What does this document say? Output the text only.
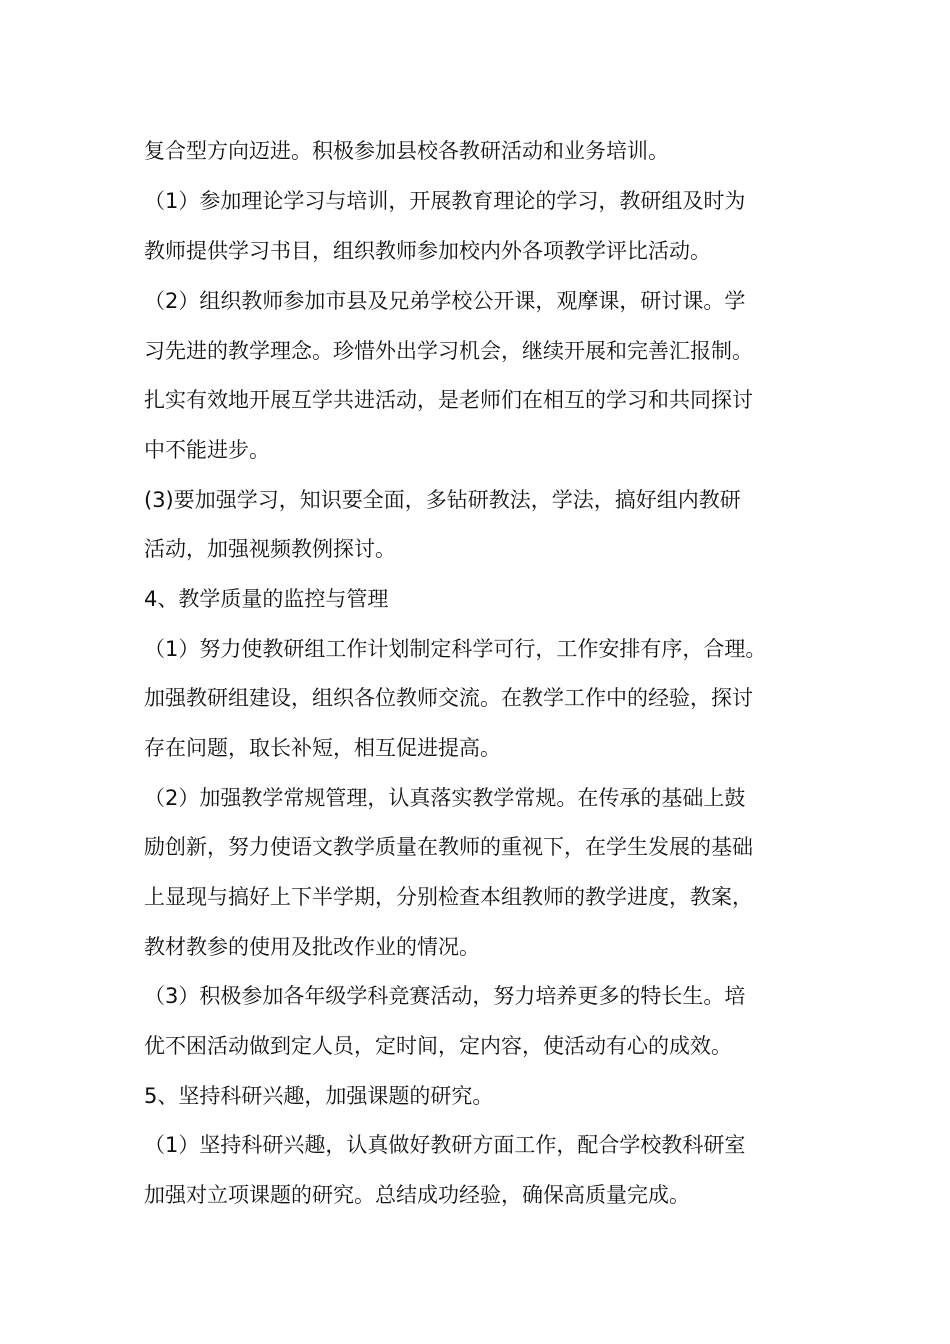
复合型方向迈进。积极参加县校各教研活动和业务培训。
（1）参加理论学习与培训，开展教育理论的学习，教研组及时为
教师提供学习书目，组织教师参加校内外各项教学评比活动。
（2）组织教师参加市县及兄弟学校公开课，观摩课，研讨课。学
习先进的教学理念。珍惜外出学习机会，继续开展和完善汇报制。
扎实有效地开展互学共进活动，是老师们在相互的学习和共同探讨
中不能进步。
(3)要加强学习，知识要全面，多钻研教法，学法，搞好组内教研
活动，加强视频教例探讨。
4、教学质量的监控与管理
（1）努力使教研组工作计划制定科学可行，工作安排有序，合理。
加强教研组建设，组织各位教师交流。在教学工作中的经验，探讨
存在问题，取长补短，相互促进提高。
（2）加强教学常规管理，认真落实教学常规。在传承的基础上鼓
励创新，努力使语文教学质量在教师的重视下，在学生发展的基础
上显现与搞好上下半学期，分别检查本组教师的教学进度，教案，
教材教参的使用及批改作业的情况。
（3）积极参加各年级学科竞赛活动，努力培养更多的特长生。培
优不困活动做到定人员，定时间，定内容，使活动有心的成效。
5、坚持科研兴趣，加强课题的研究。
（1）坚持科研兴趣，认真做好教研方面工作，配合学校教科研室
加强对立项课题的研究。总结成功经验，确保高质量完成。
